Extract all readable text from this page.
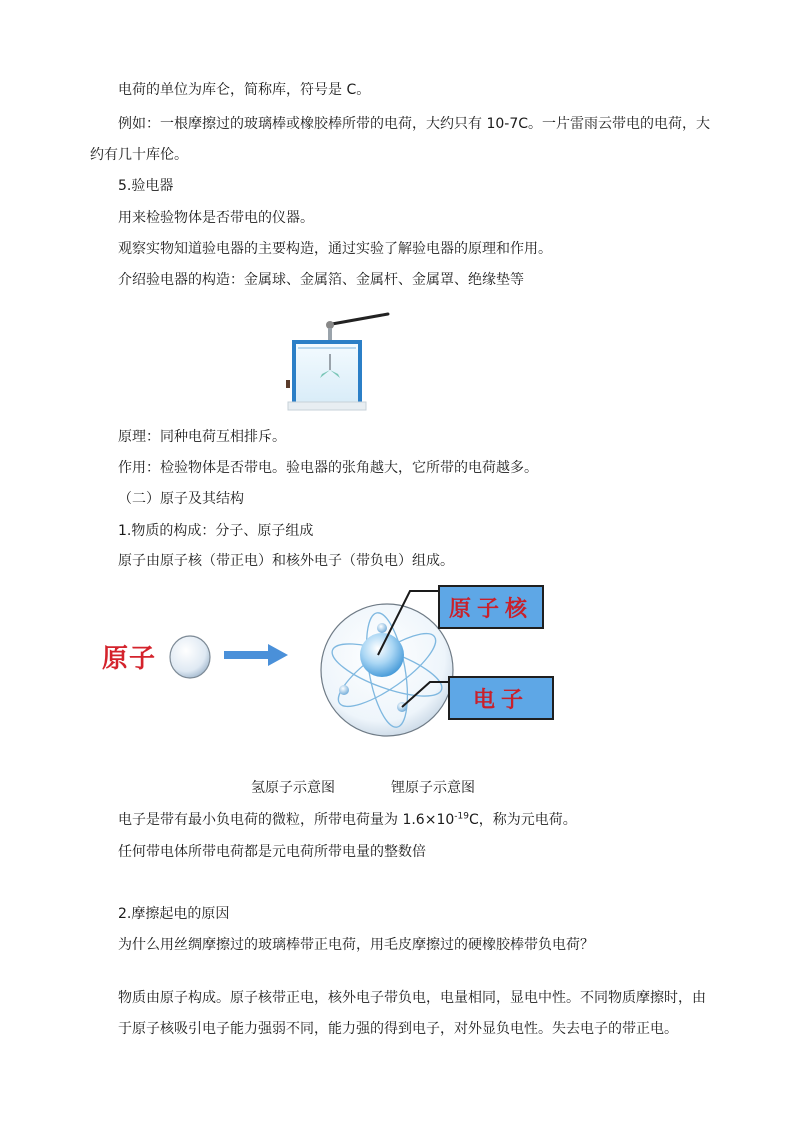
电荷的单位为库仑，简称库，符号是 C。
例如：一根摩擦过的玻璃棒或橡胶棒所带的电荷，大约只有 10-7C。一片雷雨云带电的电荷，大
约有几十库伦。
5.验电器
用来检验物体是否带电的仪器。
观察实物知道验电器的主要构造，通过实验了解验电器的原理和作用。
介绍验电器的构造：金属球、金属箔、金属杆、金属罩、绝缘垫等
原理：同种电荷互相排斥。
作用：检验物体是否带电。验电器的张角越大，它所带的电荷越多。
（二）原子及其结构
1.物质的构成：分子、原子组成
原子由原子核（带正电）和核外电子（带负电）组成。
原子
原子核
电子
氢原子示意图	锂原子示意图
电子是带有最小负电荷的微粒，所带电荷量为 $1.6\times 10^{-19}C$，称为元电荷。
任何带电体所带电荷都是元电荷所带电量的整数倍
2.摩擦起电的原因
为什么用丝绸摩擦过的玻璃棒带正电荷，用毛皮摩擦过的硬橡胶棒带负电荷？
物质由原子构成。原子核带正电，核外电子带负电，电量相同，显电中性。不同物质摩擦时，由
于原子核吸引电子能力强弱不同，能力强的得到电子，对外显负电性。失去电子的带正电。
